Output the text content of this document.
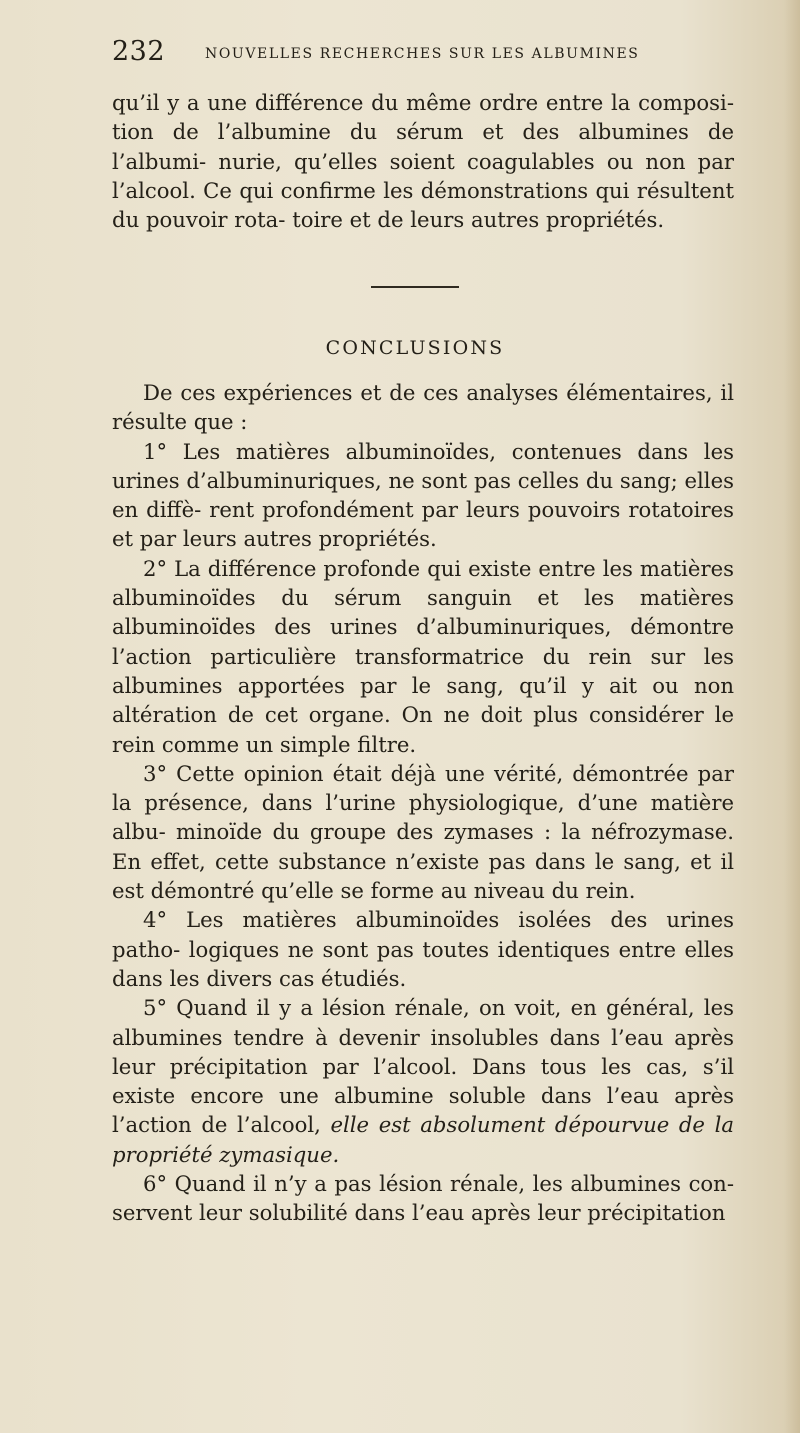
232	NOUVELLES RECHERCHES SUR LES ALBUMINES

qu’il y a une différence du même ordre entre la composi- tion de l’albumine du sérum et des albumines de l’albumi- nurie, qu’elles soient coagulables ou non par l’alcool. Ce qui confirme les démonstrations qui résultent du pouvoir rota- toire et de leurs autres propriétés.

CONCLUSIONS

De ces expériences et de ces analyses élémentaires, il résulte que :

1° Les matières albuminoïdes, contenues dans les urines d’albuminuriques, ne sont pas celles du sang; elles en diffè- rent profondément par leurs pouvoirs rotatoires et par leurs autres propriétés.

2° La différence profonde qui existe entre les matières albuminoïdes du sérum sanguin et les matières albuminoïdes des urines d’albuminuriques, démontre l’action particulière transformatrice du rein sur les albumines apportées par le sang, qu’il y ait ou non altération de cet organe. On ne doit plus considérer le rein comme un simple filtre.

3° Cette opinion était déjà une vérité, démontrée par la présence, dans l’urine physiologique, d’une matière albu- minoïde du groupe des zymases : la néfrozymase. En effet, cette substance n’existe pas dans le sang, et il est démontré qu’elle se forme au niveau du rein.

4° Les matières albuminoïdes isolées des urines patho- logiques ne sont pas toutes identiques entre elles dans les divers cas étudiés.

5° Quand il y a lésion rénale, on voit, en général, les albumines tendre à devenir insolubles dans l’eau après leur précipitation par l’alcool. Dans tous les cas, s’il existe encore une albumine soluble dans l’eau après l’action de l’alcool, elle est absolument dépourvue de la propriété zymasique.

6° Quand il n’y a pas lésion rénale, les albumines con- servent leur solubilité dans l’eau après leur précipitation
